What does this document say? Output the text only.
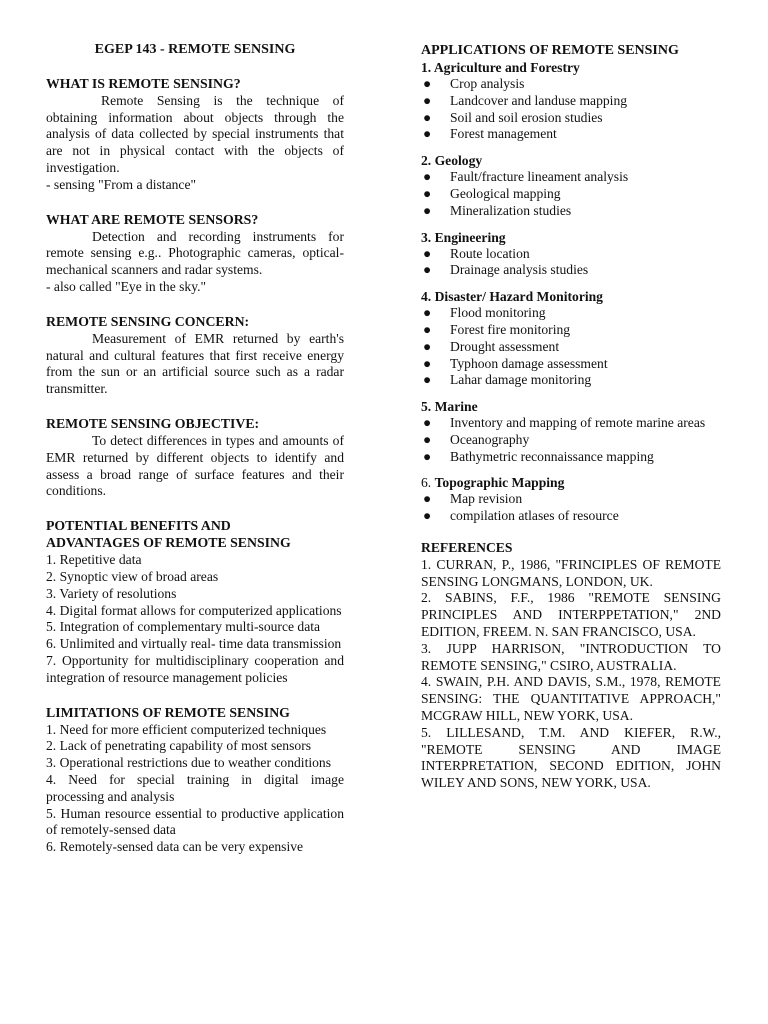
EGEP 143 - REMOTE SENSING
WHAT IS REMOTE SENSING?

Remote Sensing is the technique of obtaining information about objects through the analysis of data collected by special instruments that are not in physical contact with the objects of investigation.

- sensing "From a distance"

WHAT ARE REMOTE SENSORS?

Detection and recording instruments for remote sensing e.g.. Photographic cameras, optical-mechanical scanners and radar systems.

- also called "Eye in the sky."

REMOTE SENSING CONCERN:

Measurement of EMR returned by earth's natural and cultural features that first receive energy from the sun or an artificial source such as a radar transmitter.

REMOTE SENSING OBJECTIVE:

To detect differences in types and amounts of EMR returned by different objects to identify and assess a broad range of surface features and their conditions.

POTENTIAL BENEFITS AND
ADVANTAGES OF REMOTE SENSING
1. Repetitive data
2. Synoptic view of broad areas
3. Variety of resolutions
4. Digital format allows for computerized applications
5. Integration of complementary multi-source data
6. Unlimited and virtually real- time data transmission
7. Opportunity for multidisciplinary cooperation and integration of resource management policies
LIMITATIONS OF REMOTE SENSING
1. Need for more efficient computerized techniques
2. Lack of penetrating capability of most sensors
3. Operational restrictions due to weather conditions
4. Need for special training in digital image processing and analysis
5. Human resource essential to productive application of remotely-sensed data
6. Remotely-sensed data can be very expensive
APPLICATIONS OF REMOTE SENSING
1. Agriculture and Forestry
● Crop analysis
● Landcover and landuse mapping
● Soil and soil erosion studies
● Forest management
2. Geology
● Fault/fracture lineament analysis
● Geological mapping
● Mineralization studies
3. Engineering
● Route location
● Drainage analysis studies
4. Disaster/ Hazard Monitoring
● Flood monitoring
● Forest fire monitoring
● Drought assessment
● Typhoon damage assessment
● Lahar damage monitoring
5. Marine
● Inventory and mapping of remote marine areas
● Oceanography
● Bathymetric reconnaissance mapping
6. Topographic Mapping
● Map revision
● compilation atlases of resource
REFERENCES

1. CURRAN, P., 1986, "FRINCIPLES OF REMOTE SENSING LONGMANS, LONDON, UK.

2. SABINS, F.F., 1986 "REMOTE SENSING PRINCIPLES AND INTERPPETATION," 2ND EDITION, FREEM. N. SAN FRANCISCO, USA.

3. JUPP HARRISON, "INTRODUCTION TO REMOTE SENSING," CSIRO, AUSTRALIA.

4. SWAIN, P.H. AND DAVIS, S.M., 1978, REMOTE SENSING: THE QUANTITATIVE APPROACH," MCGRAW HILL, NEW YORK, USA.

5. LILLESAND, T.M. AND KIEFER, R.W., "REMOTE SENSING AND IMAGE INTERPRETATION, SECOND EDITION, JOHN WILEY AND SONS, NEW YORK, USA.
